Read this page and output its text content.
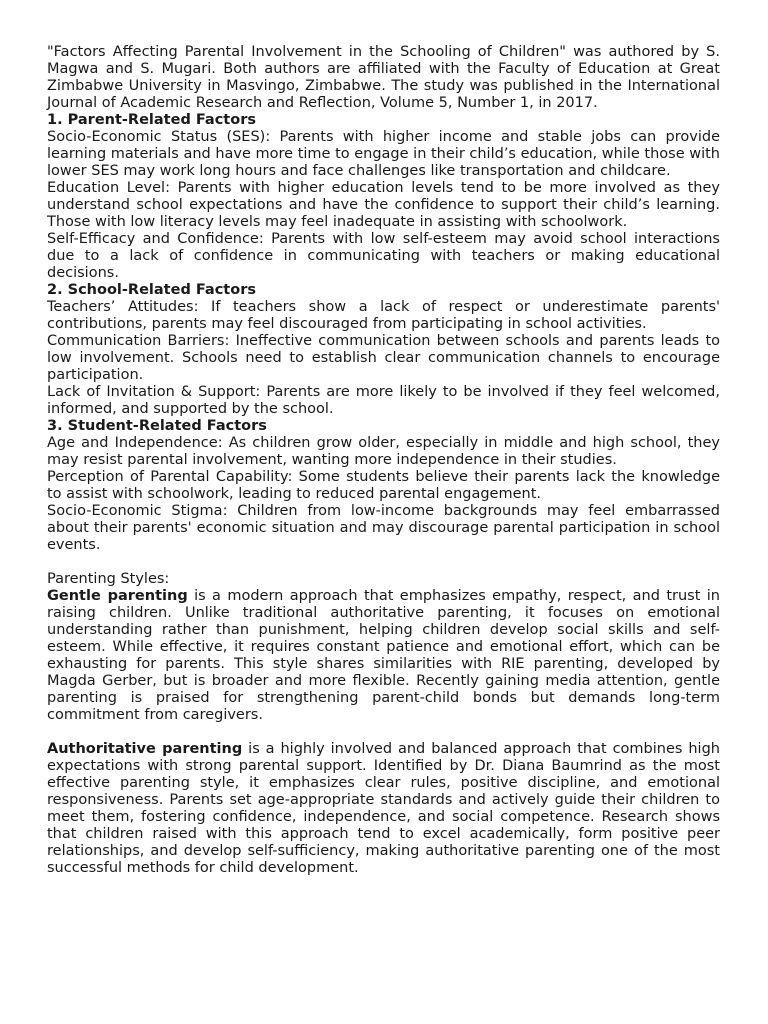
"Factors Affecting Parental Involvement in the Schooling of Children" was authored by S. Magwa and S. Mugari. Both authors are affiliated with the Faculty of Education at Great Zimbabwe University in Masvingo, Zimbabwe. The study was published in the International Journal of Academic Research and Reflection, Volume 5, Number 1, in 2017.

1. Parent-Related Factors

Socio-Economic Status (SES): Parents with higher income and stable jobs can provide learning materials and have more time to engage in their child’s education, while those with lower SES may work long hours and face challenges like transportation and childcare.

Education Level: Parents with higher education levels tend to be more involved as they understand school expectations and have the confidence to support their child’s learning. Those with low literacy levels may feel inadequate in assisting with schoolwork.

Self-Efficacy and Confidence: Parents with low self-esteem may avoid school interactions due to a lack of confidence in communicating with teachers or making educational decisions.

2. School-Related Factors

Teachers’ Attitudes: If teachers show a lack of respect or underestimate parents' contributions, parents may feel discouraged from participating in school activities.

Communication Barriers: Ineffective communication between schools and parents leads to low involvement. Schools need to establish clear communication channels to encourage participation.

Lack of Invitation & Support: Parents are more likely to be involved if they feel welcomed, informed, and supported by the school.

3. Student-Related Factors

Age and Independence: As children grow older, especially in middle and high school, they may resist parental involvement, wanting more independence in their studies.

Perception of Parental Capability: Some students believe their parents lack the knowledge to assist with schoolwork, leading to reduced parental engagement.

Socio-Economic Stigma: Children from low-income backgrounds may feel embarrassed about their parents' economic situation and may discourage parental participation in school events.

Parenting Styles:

Gentle parenting is a modern approach that emphasizes empathy, respect, and trust in raising children. Unlike traditional authoritative parenting, it focuses on emotional understanding rather than punishment, helping children develop social skills and self-esteem. While effective, it requires constant patience and emotional effort, which can be exhausting for parents. This style shares similarities with RIE parenting, developed by Magda Gerber, but is broader and more flexible. Recently gaining media attention, gentle parenting is praised for strengthening parent-child bonds but demands long-term commitment from caregivers.

Authoritative parenting is a highly involved and balanced approach that combines high expectations with strong parental support. Identified by Dr. Diana Baumrind as the most effective parenting style, it emphasizes clear rules, positive discipline, and emotional responsiveness. Parents set age-appropriate standards and actively guide their children to meet them, fostering confidence, independence, and social competence. Research shows that children raised with this approach tend to excel academically, form positive peer relationships, and develop self-sufficiency, making authoritative parenting one of the most successful methods for child development.
